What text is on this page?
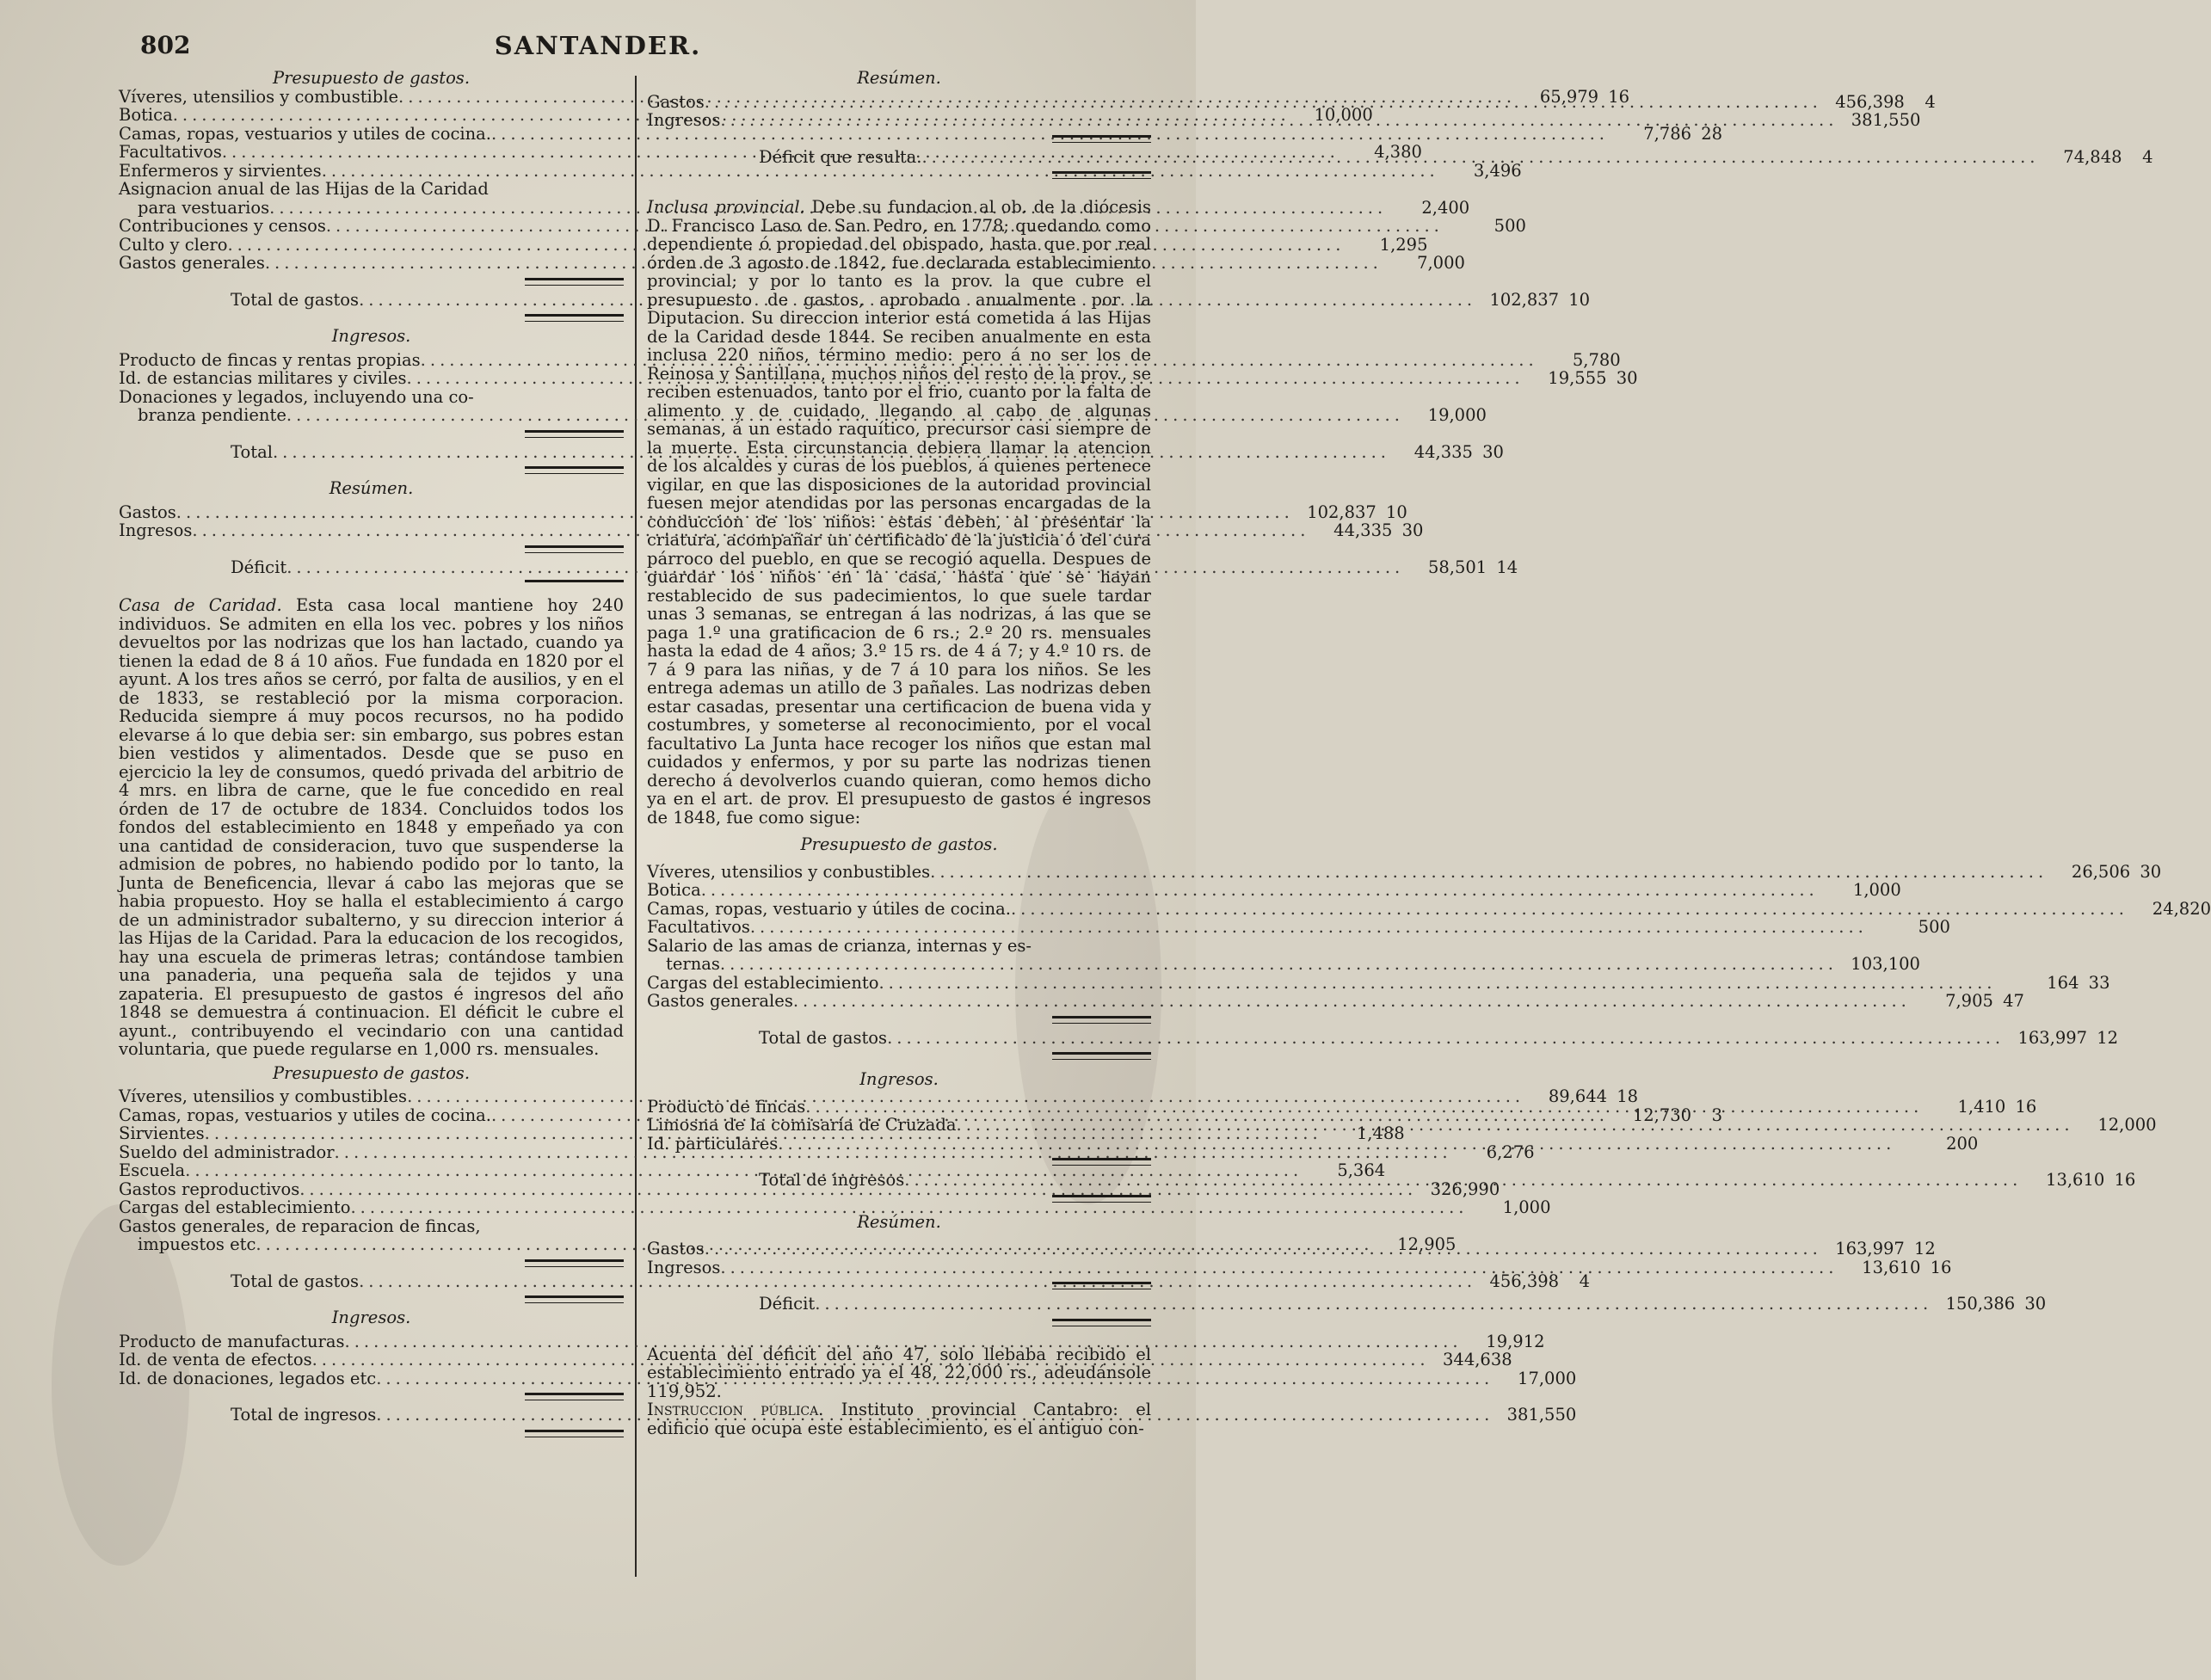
802	SANTANDER.
Presupuesto de gastos.
Víveres, utensilios y combustible .....	65,979 16
Botica .....	10,000
Camas, ropas, vestuarios y utiles de cocina. .....	7,786 28
Facultativos .....	4,380
Enfermeros y sirvientes .....	3,496
Asignacion anual de las Hijas de la Caridad
para vestuarios .....	2,400
Contribuciones y censos .....	500
Culto y clero .....	1,295
Gastos generales .....	7,000
Total de gastos .....	102,837 10
Ingresos.
Producto de fincas y rentas propias .....	5,780
Id. de estancias militares y civiles .....	19,555 30
Donaciones y legados, incluyendo una co-
branza pendiente .....	19,000
Total .....	44,335 30
Resúmen.
Gastos .....	102,837 10
Ingresos .....	44,335 30
Déficit .....	58,501 14

Casa de Caridad. Esta casa local mantiene hoy 240 individuos. Se admiten en ella los vec. pobres y los niños devueltos por las nodrizas que los han lactado, cuando ya tienen la edad de 8 á 10 años. Fue fundada en 1820 por el ayunt. A los tres años se cerró, por falta de ausilios, y en el de 1833, se restableció por la misma corporacion. Reducida siempre á muy pocos recursos, no ha podido elevarse á lo que debia ser: sin embargo, sus pobres estan bien vestidos y alimentados. Desde que se puso en ejercicio la ley de consumos, quedó privada del arbitrio de 4 mrs. en libra de carne, que le fue concedido en real órden de 17 de octubre de 1834. Concluidos todos los fondos del establecimiento en 1848 y empeñado ya con una cantidad de consideracion, tuvo que suspenderse la admision de pobres, no habiendo podido por lo tanto, la Junta de Beneficencia, llevar á cabo las mejoras que se habia propuesto. Hoy se halla el establecimiento á cargo de un administrador subalterno, y su direccion interior á las Hijas de la Caridad. Para la educacion de los recogidos, hay una escuela de primeras letras; contándose tambien una panaderia, una pequeña sala de tejidos y una zapateria. El presupuesto de gastos é ingresos del año 1848 se demuestra á continuacion. El déficit le cubre el ayunt., contribuyendo el vecindario con una cantidad voluntaria, que puede regularse en 1,000 rs. mensuales.

Presupuesto de gastos.
Víveres, utensilios y combustibles .....	89,644 18
Camas, ropas, vestuarios y utiles de cocina. .....	12,730	3
Sirvientes .....	1,488
Sueldo del administrador .....	6,276
Escuela .....	5,364
Gastos reproductivos .....	326,990
Cargas del establecimiento .....	1,000
Gastos generales, de reparacion de fincas,
impuestos etc .....	12,905
Total de gastos .....	456,398	4
Ingresos.
Producto de manufacturas .....	19,912
Id. de venta de efectos .....	344,638
Id. de donaciones, legados etc .....	17,000
Total de ingresos .....	381,550
Resúmen.
Gastos .....	456,398	4
Ingresos .....	381,550
Déficit que resulta. .....	74,848	4

Inclusa provincial. Debe su fundacion al ob. de la diócesis D. Francisco Laso de San Pedro, en 1778; quedando como dependiente ó propiedad del obispado, hasta que por real órden de 3 agosto de 1842, fue declarada establecimiento provincial; y por lo tanto es la prov. la que cubre el presupuesto de gastos, aprobado anualmente por la Diputacion. Su direccion interior está cometida á las Hijas de la Caridad desde 1844. Se reciben anualmente en esta inclusa 220 niños, término medio: pero á no ser los de Reinosa y Santillana, muchos niños del resto de la prov., se reciben estenuados, tanto por el frio, cuanto por la falta de alimento y de cuidado, llegando al cabo de algunas semanas, á un estado raquítico, precursor casi siempre de la muerte. Esta circunstancia debiera llamar la atencion de los alcaldes y curas de los pueblos, á quienes pertenece vigilar, en que las disposiciones de la autoridad provincial fuesen mejor atendidas por las personas encargadas de la conduccion de los niños: estas deben, al presentar la criatura, acompañar un certificado de la justicia ó del cura párroco del pueblo, en que se recogió aquella. Despues de guardar los niños en la casa, hasta que se hayan restablecido de sus padecimientos, lo que suele tardar unas 3 semanas, se entregan á las nodrizas, á las que se paga 1.º una gratificacion de 6 rs.; 2.º 20 rs. mensuales hasta la edad de 4 años; 3.º 15 rs. de 4 á 7; y 4.º 10 rs. de 7 á 9 para las niñas, y de 7 á 10 para los niños. Se les entrega ademas un atillo de 3 pañales. Las nodrizas deben estar casadas, presentar una certificacion de buena vida y costumbres, y someterse al reconocimiento, por el vocal facultativo La Junta hace recoger los niños que estan mal cuidados y enfermos, y por su parte las nodrizas tienen derecho á devolverlos cuando quieran, como hemos dicho ya en el art. de prov. El presupuesto de gastos é ingresos de 1848, fue como sigue:

Presupuesto de gastos.
Víveres, utensilios y conbustibles .....	26,506 30
Botica .....	1,000
Camas, ropas, vestuario y útiles de cocina. .....	24,820
Facultativos .....	500
Salario de las amas de crianza, internas y es-
ternas .....	103,100
Cargas del establecimiento .....	164 33
Gastos generales .....	7,905 47
Total de gastos .....	163,997 12
Ingresos.
Producto de fincas .....	1,410 16
Limosna de la comisaría de Cruzada .....	12,000
Id. particulares .....	200
Total de ingresos .....	13,610 16
Resúmen.
Gastos .....	163,997 12
Ingresos .....	13,610 16
Déficit .....	150,386 30

Acuenta del déficit del año 47, solo llebaba recibido el establecimiento entrado ya el 48, 22,000 rs., adeudánsole 119,952.

Instruccion pública. Instituto provincial Cantabro: el edificio que ocupa este establecimiento, es el antiguo con-
